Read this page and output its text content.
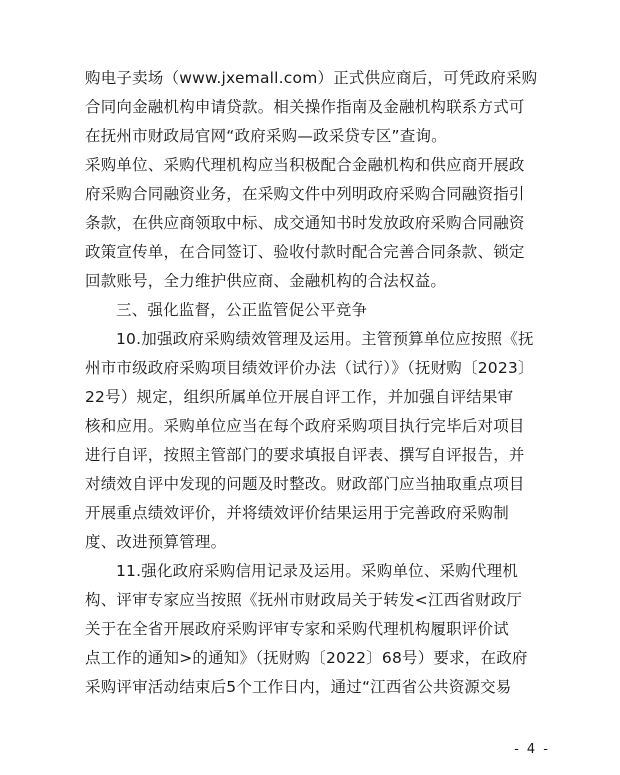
购电子卖场（www.jxemall.com）正式供应商后，可凭政府采购
合同向金融机构申请贷款。相关操作指南及金融机构联系方式可
在抚州市财政局官网“政府采购—政采贷专区”查询。
采购单位、采购代理机构应当积极配合金融机构和供应商开展政
府采购合同融资业务，在采购文件中列明政府采购合同融资指引
条款，在供应商领取中标、成交通知书时发放政府采购合同融资
政策宣传单，在合同签订、验收付款时配合完善合同条款、锁定
回款账号，全力维护供应商、金融机构的合法权益。
三、强化监督，公正监管促公平竞争
10.加强政府采购绩效管理及运用。主管预算单位应按照《抚
州市市级政府采购项目绩效评价办法（试行）》（抚财购〔2023〕
22号）规定，组织所属单位开展自评工作，并加强自评结果审
核和应用。采购单位应当在每个政府采购项目执行完毕后对项目
进行自评，按照主管部门的要求填报自评表、撰写自评报告，并
对绩效自评中发现的问题及时整改。财政部门应当抽取重点项目
开展重点绩效评价，并将绩效评价结果运用于完善政府采购制
度、改进预算管理。
11.强化政府采购信用记录及运用。采购单位、采购代理机
构、评审专家应当按照《抚州市财政局关于转发<江西省财政厅
关于在全省开展政府采购评审专家和采购代理机构履职评价试
点工作的通知>的通知》（抚财购〔2022〕68号）要求，在政府
采购评审活动结束后5个工作日内，通过“江西省公共资源交易
- 4 -
